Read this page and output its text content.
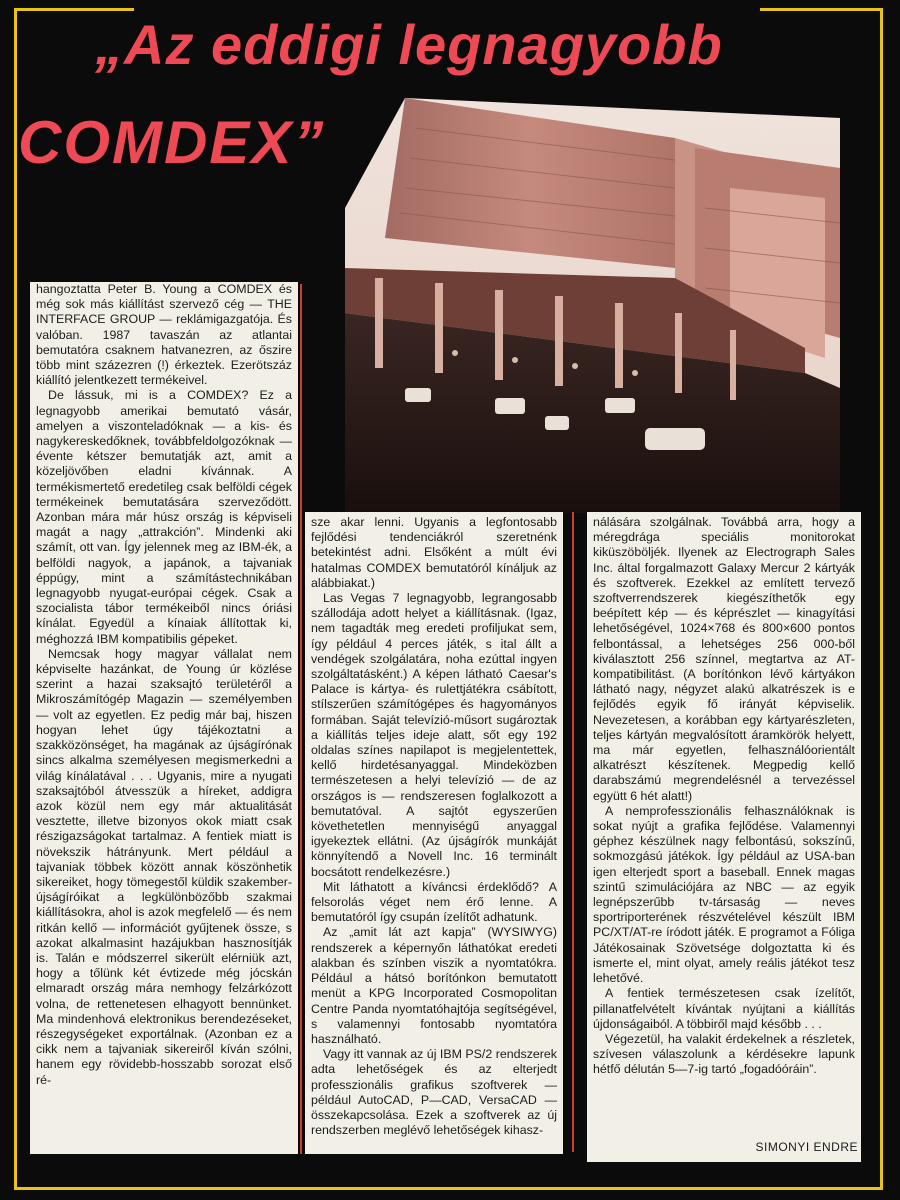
„Az eddigi legnagyobb
COMDEX”

hangoztatta Peter B. Young a COMDEX és még sok más kiállítást szervező cég — THE INTERFACE GROUP — reklámigazgatója. És valóban. 1987 tavaszán az atlantai bemutatóra csaknem hatvanezren, az őszire több mint százezren (!) érkeztek. Ezerötszáz kiállító jelentkezett termékeivel.

De lássuk, mi is a COMDEX? Ez a legnagyobb amerikai bemutató vásár, amelyen a viszonteladóknak — a kis- és nagykereskedőknek, továbbfeldolgozóknak — évente kétszer bemutatják azt, amit a közeljövőben eladni kívánnak. A termékismertető eredetileg csak belföldi cégek termékeinek bemutatására szerveződött. Azonban mára már húsz ország is képviseli magát a nagy „attrakción”. Mindenki aki számít, ott van. Így jelennek meg az IBM-ék, a belföldi nagyok, a japánok, a tajvaniak éppúgy, mint a számítástechnikában legnagyobb nyugat-európai cégek. Csak a szocialista tábor termékeiből nincs óriási kínálat. Egyedül a kínaiak állítottak ki, méghozzá IBM kompatibilis gépeket.

Nemcsak hogy magyar vállalat nem képviselte hazánkat, de Young úr közlése szerint a hazai szaksajtó területéről a Mikroszámítógép Magazin — személyemben — volt az egyetlen. Ez pedig már baj, hiszen hogyan lehet úgy tájékoztatni a szakközönséget, ha magának az újságírónak sincs alkalma személyesen megismerkedni a világ kínálatával . . . Ugyanis, mire a nyugati szaksajtóból átvesszük a híreket, addigra azok közül nem egy már aktualitását vesztette, illetve bizonyos okok miatt csak részigazságokat tartalmaz. A fentiek miatt is növekszik hátrányunk. Mert például a tajvaniak többek között annak köszönhetik sikereiket, hogy tömegestől küldik szakember-újságíróikat a legkülönbözőbb szakmai kiállításokra, ahol is azok megfelelő — és nem ritkán kellő — információt gyűjtenek össze, s azokat alkalmasint hazájukban hasznosítják is. Talán e módszerrel sikerült elérniük azt, hogy a tőlünk két évtizede még jócskán elmaradt ország mára nemhogy felzárkózott volna, de rettenetesen elhagyott bennünket. Ma mindenhová elektronikus berendezéseket, részegységeket exportálnak. (Azonban ez a cikk nem a tajvaniak sikereiről kíván szólni, hanem egy rövidebb-hosszabb sorozat első ré-

sze akar lenni. Ugyanis a legfontosabb fejlődési tendenciákról szeretnénk betekintést adni. Elsőként a múlt évi hatalmas COMDEX bemutatóról kínáljuk az alábbiakat.)

Las Vegas 7 legnagyobb, legrangosabb szállodája adott helyet a kiállításnak. (Igaz, nem tagadták meg eredeti profiljukat sem, így például 4 perces játék, s ital állt a vendégek szolgálatára, noha ezúttal ingyen szolgáltatásként.) A képen látható Caesar's Palace is kártya- és rulettjátékra csábított, stílszerűen számítógépes és hagyományos formában. Saját televízió-műsort sugároztak a kiállítás teljes ideje alatt, sőt egy 192 oldalas színes napilapot is megjelentettek, kellő hirdetésanyaggal. Mindeközben természetesen a helyi televízió — de az országos is — rendszeresen foglalkozott a bemutatóval. A sajtót egyszerűen követhetetlen mennyiségű anyaggal igyekeztek ellátni. (Az újságírók munkáját könnyítendő a Novell Inc. 16 terminált bocsátott rendelkezésre.)

Mit láthatott a kíváncsi érdeklődő? A felsorolás véget nem érő lenne. A bemutatóról így csupán ízelítőt adhatunk.

Az „amit lát azt kapja” (WYSIWYG) rendszerek a képernyőn láthatókat eredeti alakban és színben viszik a nyomtatókra. Például a hátsó borítónkon bemutatott menüt a KPG Incorporated Cosmopolitan Centre Panda nyomtatóhajtója segítségével, s valamennyi fontosabb nyomtatóra használható.

Vagy itt vannak az új IBM PS/2 rendszerek adta lehetőségek és az elterjedt professzionális grafikus szoftverek — például AutoCAD, P—CAD, VersaCAD — összekapcsolása. Ezek a szoftverek az új rendszerben meglévő lehetőségek kihasz-

nálására szolgálnak. Továbbá arra, hogy a méregdrága speciális monitorokat kiküszöböljék. Ilyenek az Electrograph Sales Inc. által forgalmazott Galaxy Mercur 2 kártyák és szoftverek. Ezekkel az említett tervező szoftverrendszerek kiegészíthetők egy beépített kép — és képrészlet — kinagyítási lehetőségével, 1024×768 és 800×600 pontos felbontással, a lehetséges 256 000-ből kiválasztott 256 színnel, megtartva az AT-kompatibilitást. (A borítónkon lévő kártyákon látható nagy, négyzet alakú alkatrészek is e fejlődés egyik fő irányát képviselik. Nevezetesen, a korábban egy kártyarészleten, teljes kártyán megvalósított áramkörök helyett, ma már egyetlen, felhasználóorientált alkatrészt készítenek. Megpedig kellő darabszámú megrendelésnél a tervezéssel együtt 6 hét alatt!)

A nemprofesszionális felhasználóknak is sokat nyújt a grafika fejlődése. Valamennyi géphez készülnek nagy felbontású, sokszínű, sokmozgású játékok. Így például az USA-ban igen elterjedt sport a baseball. Ennek magas szintű szimulációjára az NBC — az egyik legnépszerűbb tv-társaság — neves sportriporterének részvételével készült IBM PC/XT/AT-re íródott játék. E programot a Fóliga Játékosainak Szövetsége dolgoztatta ki és ismerte el, mint olyat, amely reális játékot tesz lehetővé.

A fentiek természetesen csak ízelítőt, pillanatfelvételt kívántak nyújtani a kiállítás újdonságaiból. A többiről majd később . . .

Végezetül, ha valakit érdekelnek a részletek, szívesen válaszolunk a kérdésekre lapunk hétfő délután 5—7-ig tartó „fogadóóráin”.

SIMONYI ENDRE
